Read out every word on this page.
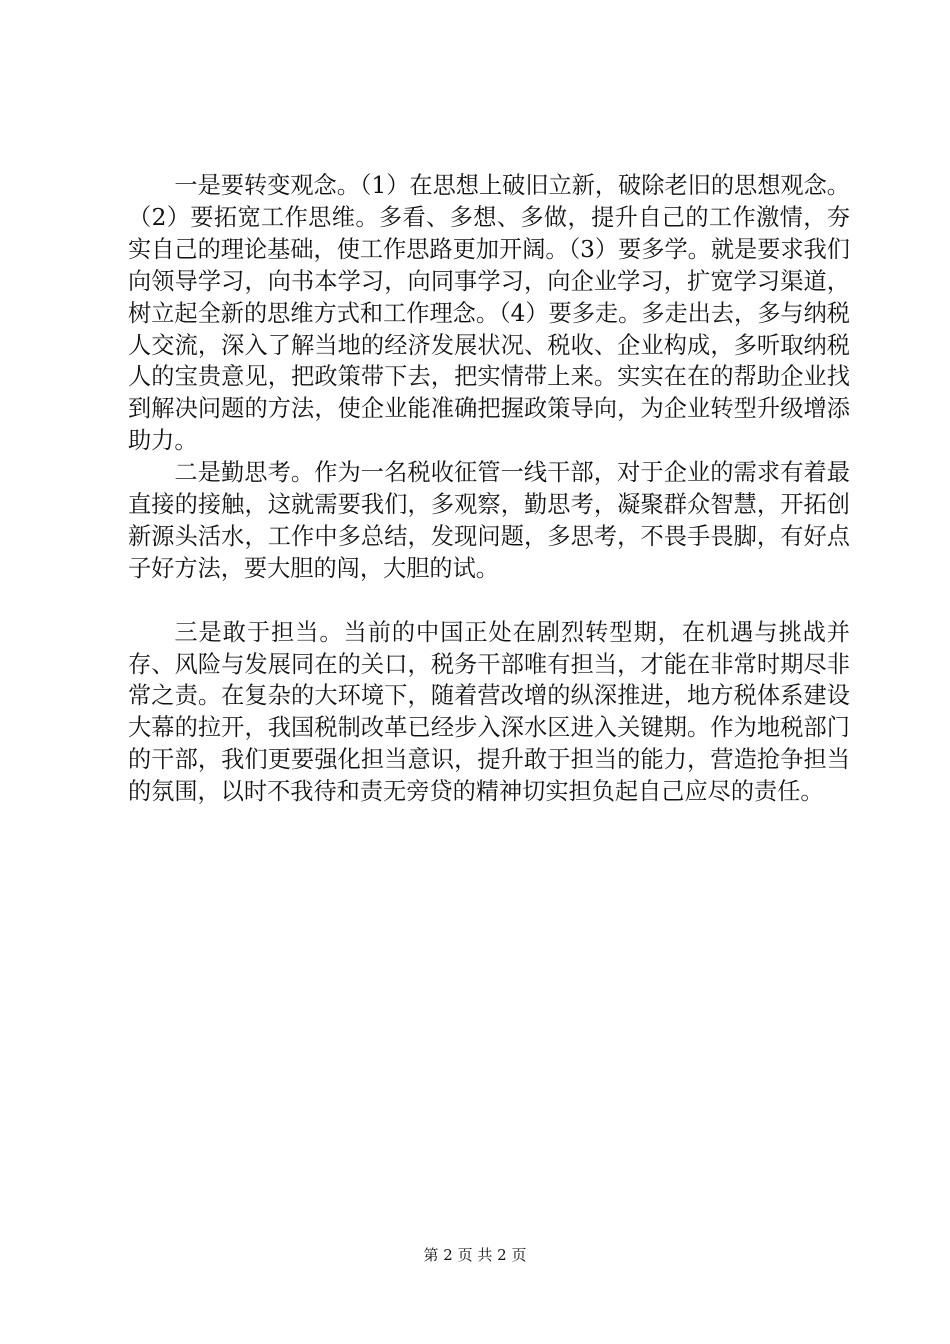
一是要转变观念。（1）在思想上破旧立新，破除老旧的思想观念。（2）要拓宽工作思维。多看、多想、多做，提升自己的工作激情，夯实自己的理论基础，使工作思路更加开阔。（3）要多学。就是要求我们向领导学习，向书本学习，向同事学习，向企业学习，扩宽学习渠道，树立起全新的思维方式和工作理念。（4）要多走。多走出去，多与纳税人交流，深入了解当地的经济发展状况、税收、企业构成，多听取纳税人的宝贵意见，把政策带下去，把实情带上来。实实在在的帮助企业找到解决问题的方法，使企业能准确把握政策导向，为企业转型升级增添助力。

二是勤思考。作为一名税收征管一线干部，对于企业的需求有着最直接的接触，这就需要我们，多观察，勤思考，凝聚群众智慧，开拓创新源头活水，工作中多总结，发现问题，多思考，不畏手畏脚，有好点子好方法，要大胆的闯，大胆的试。

三是敢于担当。当前的中国正处在剧烈转型期，在机遇与挑战并存、风险与发展同在的关口，税务干部唯有担当，才能在非常时期尽非常之责。在复杂的大环境下，随着营改增的纵深推进，地方税体系建设大幕的拉开，我国税制改革已经步入深水区进入关键期。作为地税部门的干部，我们更要强化担当意识，提升敢于担当的能力，营造抢争担当的氛围，以时不我待和责无旁贷的精神切实担负起自己应尽的责任。

第 2 页 共 2 页
